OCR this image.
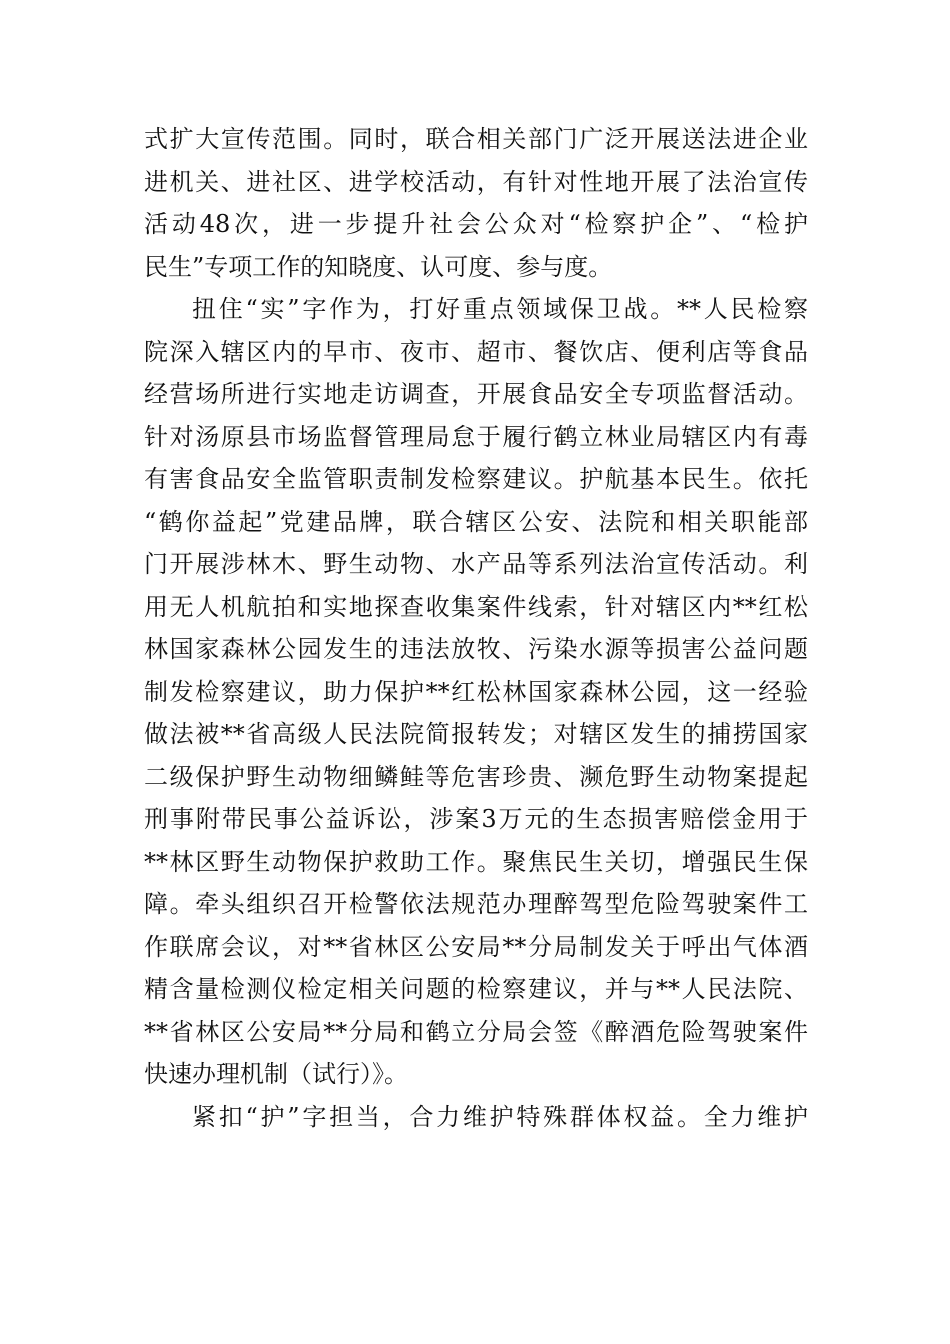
式扩大宣传范围。同时，联合相关部门广泛开展送法进企业
进机关、进社区、进学校活动，有针对性地开展了法治宣传
活动48次，进一步提升社会公众对“检察护企”、“检护
民生”专项工作的知晓度、认可度、参与度。
扭住“实”字作为，打好重点领域保卫战。**人民检察
院深入辖区内的早市、夜市、超市、餐饮店、便利店等食品
经营场所进行实地走访调查，开展食品安全专项监督活动。
针对汤原县市场监督管理局怠于履行鹤立林业局辖区内有毒
有害食品安全监管职责制发检察建议。护航基本民生。依托
“鹤你益起”党建品牌，联合辖区公安、法院和相关职能部
门开展涉林木、野生动物、水产品等系列法治宣传活动。利
用无人机航拍和实地探查收集案件线索，针对辖区内**红松
林国家森林公园发生的违法放牧、污染水源等损害公益问题
制发检察建议，助力保护**红松林国家森林公园，这一经验
做法被**省高级人民法院简报转发；对辖区发生的捕捞国家
二级保护野生动物细鳞鲑等危害珍贵、濒危野生动物案提起
刑事附带民事公益诉讼，涉案3万元的生态损害赔偿金用于
**林区野生动物保护救助工作。聚焦民生关切，增强民生保
障。牵头组织召开检警依法规范办理醉驾型危险驾驶案件工
作联席会议，对**省林区公安局**分局制发关于呼出气体酒
精含量检测仪检定相关问题的检察建议，并与**人民法院、
**省林区公安局**分局和鹤立分局会签《醉酒危险驾驶案件
快速办理机制（试行）》。
紧扣“护”字担当，合力维护特殊群体权益。全力维护
